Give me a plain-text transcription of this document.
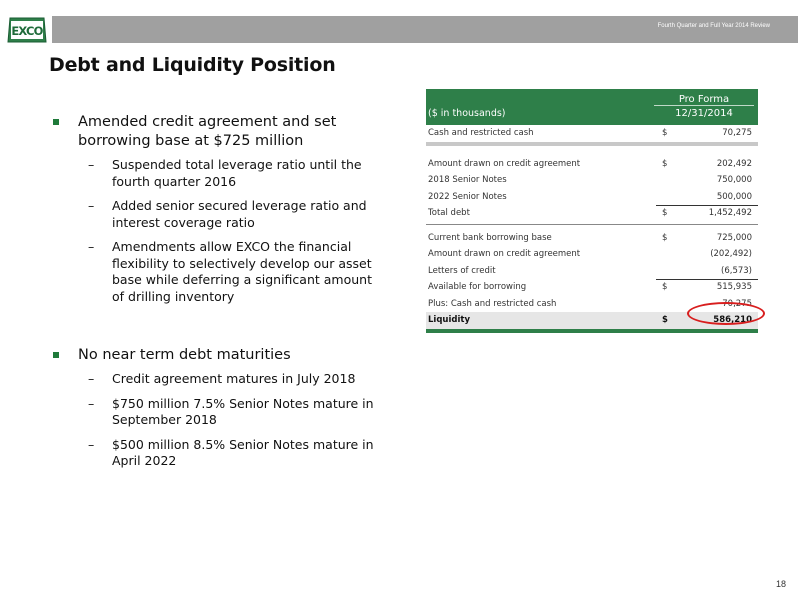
EXCO	Fourth Quarter and Full Year 2014 Review
Debt and Liquidity Position
Amended credit agreement and set borrowing base at $725 million
– Suspended total leverage ratio until the fourth quarter 2016
– Added senior secured leverage ratio and interest coverage ratio
– Amendments allow EXCO the financial flexibility to selectively develop our asset base while deferring a significant amount of drilling inventory
No near term debt maturities
– Credit agreement matures in July 2018
– $750 million 7.5% Senior Notes mature in September 2018
– $500 million 8.5% Senior Notes mature in April 2022
Pro Forma
($ in thousands)	12/31/2014
Cash and restricted cash	$	70,275
Amount drawn on credit agreement	$	202,492
2018 Senior Notes	750,000
2022 Senior Notes	500,000
Total debt	$	1,452,492
Current bank borrowing base	$	725,000
Amount drawn on credit agreement	(202,492)
Letters of credit	(6,573)
Available for borrowing	$	515,935
Plus: Cash and restricted cash	70,275
Liquidity	$	586,210
18
